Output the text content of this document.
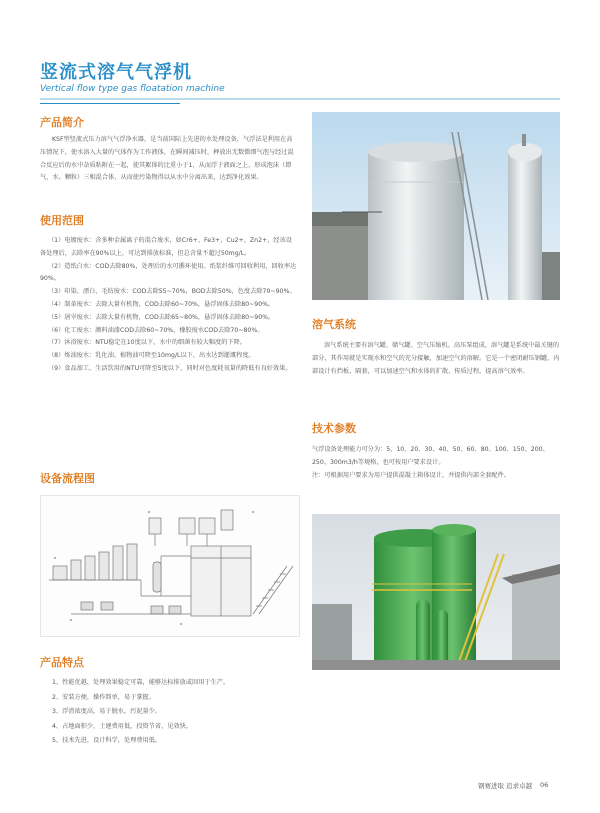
竖流式溶气气浮机
Vertical flow type gas floatation machine
产品简介

KSF型竖流式压力溶气气浮净水器，是当前国际上先进的水处理设备，气浮法是利用在高压情况下，使水溶入大量的气体作为工作液体，在瞬间减压时，释放出无数微细气泡与经过混合反应后的水中杂质粘附在一起，使其絮体的比重小于1，从而浮于液面之上，形成泡沫（即气、水、颗粒）三相混合体，从而使污染物得以从水中分离出来，达到净化效果。

使用范围

（1）电镀废水：含多种金属离子的混合废水，如Cr6+、Fe3+、Cu2+、Zn2+，经该设备处理后，去除率在90%以上，可达到排放标准，但总含量不超过50mg/L。

（2）造纸白水：COD去除80%，处理后的水可循环使用。纸浆纤维可回收利用，回收率达90%。

（3）印染、漂白、毛纺废水：COD去除55~70%，BOD去除50%，色度去除70~90%。

（4）制革废水：去除大量有机物，COD去除60~70%，悬浮固体去除80~90%。

（5）屠宰废水：去除大量有机物，COD去除65~80%，悬浮固体去除80~90%。

（6）化工废水：颜料油漆COD去除60~70%，橡胶废水COD去除70~80%。

（7）沐浴废水：NTU稳定在10度以下，水中的细菌有较大幅度的下降。

（8）炼油废水：乳化油、植物油可降至10mg/L以下，出水达到灌溉程度。

（9）食品加工、生活饮用的NTU可降至5度以下，同时对色度耗氧量的降低有良好效果。

设备流程图
产品特点

1、性能优越，处理效果稳定可靠，能够达标排放或回用于生产。

2、安装方便，操作简单，易于掌握。

3、浮渣浓度高，易于脱水，污泥量少。

4、占地面积少，土建费用低，投资节省，见效快。

5、技术先进，设计科学，处理费用低。

溶气系统

溶气系统主要有溶气罐、储气罐、空气压缩机、高压泵组成，溶气罐是系统中最关键的部分，其作用就是实现水和空气的充分接触，加速空气的溶解。它是一个密闭耐压钢罐，内部设计有挡板、隔套，可以加速空气和水体的扩散、传质过程，提高溶气效率。

技术参数

气浮设备处理能力可分为：5、10、20、30、40、50、60、80、100、150、200、250、300m3/h等规格，也可按用户要求设计。

注：可根据用户要求为用户提供混凝土箱体设计，并提供内部全套配件。

钢赛进取 追求卓越 06
